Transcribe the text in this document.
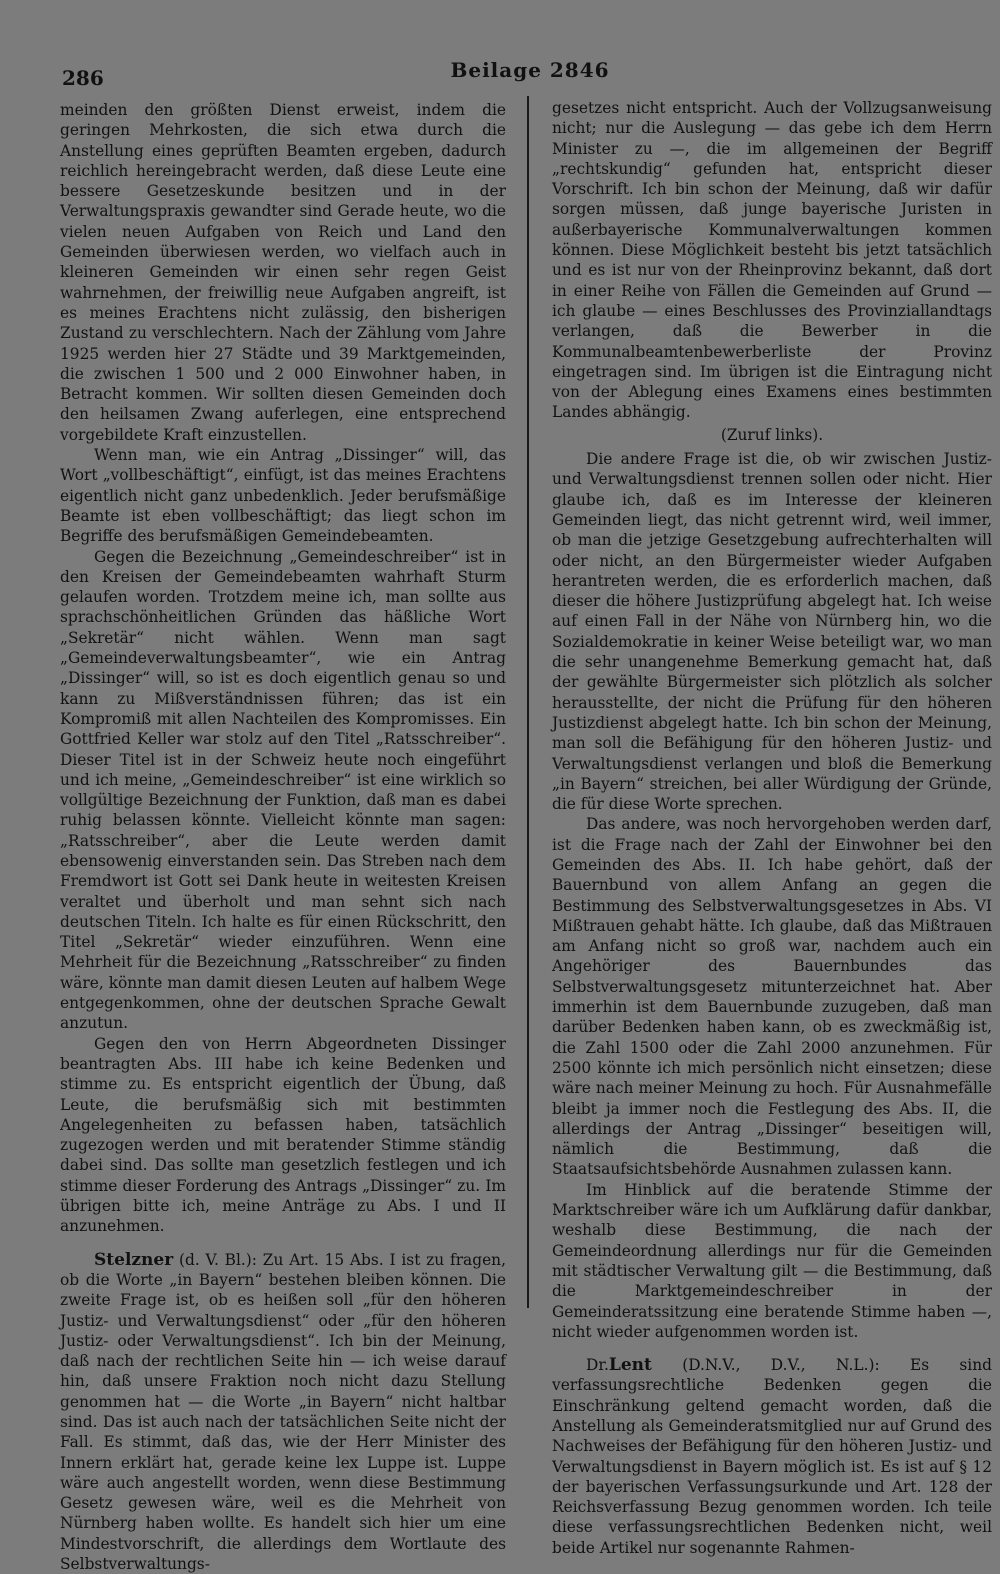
286	Beilage 2846

meinden den größten Dienst erweist, indem die geringen Mehrkosten, die sich etwa durch die Anstellung eines geprüften Beamten ergeben, dadurch reichlich hereingebracht werden, daß diese Leute eine bessere Gesetzeskunde besitzen und in der Verwaltungspraxis gewandter sind Gerade heute, wo die vielen neuen Aufgaben von Reich und Land den Gemeinden überwiesen werden, wo vielfach auch in kleineren Gemeinden wir einen sehr regen Geist wahrnehmen, der freiwillig neue Aufgaben angreift, ist es meines Erachtens nicht zulässig, den bisherigen Zustand zu verschlechtern. Nach der Zählung vom Jahre 1925 werden hier 27 Städte und 39 Marktgemeinden, die zwischen 1 500 und 2 000 Einwohner haben, in Betracht kommen. Wir sollten diesen Gemeinden doch den heilsamen Zwang auferlegen, eine entsprechend vorgebildete Kraft einzustellen.

Wenn man, wie ein Antrag „Dissinger“ will, das Wort „vollbeschäftigt“, einfügt, ist das meines Erachtens eigentlich nicht ganz unbedenklich. Jeder berufsmäßige Beamte ist eben vollbeschäftigt; das liegt schon im Begriffe des berufsmäßigen Gemeindebeamten.

Gegen die Bezeichnung „Gemeindeschreiber“ ist in den Kreisen der Gemeindebeamten wahrhaft Sturm gelaufen worden. Trotzdem meine ich, man sollte aus sprachschönheitlichen Gründen das häßliche Wort „Sekretär“ nicht wählen. Wenn man sagt „Gemeindeverwaltungsbeamter“, wie ein Antrag „Dissinger“ will, so ist es doch eigentlich genau so und kann zu Mißverständnissen führen; das ist ein Kompromiß mit allen Nachteilen des Kompromisses. Ein Gottfried Keller war stolz auf den Titel „Ratsschreiber“. Dieser Titel ist in der Schweiz heute noch eingeführt und ich meine, „Gemeindeschreiber“ ist eine wirklich so vollgültige Bezeichnung der Funktion, daß man es dabei ruhig belassen könnte. Vielleicht könnte man sagen: „Ratsschreiber“, aber die Leute werden damit ebensowenig einverstanden sein. Das Streben nach dem Fremdwort ist Gott sei Dank heute in weitesten Kreisen veraltet und überholt und man sehnt sich nach deutschen Titeln. Ich halte es für einen Rückschritt, den Titel „Sekretär“ wieder einzuführen. Wenn eine Mehrheit für die Bezeichnung „Ratsschreiber“ zu finden wäre, könnte man damit diesen Leuten auf halbem Wege entgegenkommen, ohne der deutschen Sprache Gewalt anzutun.

Gegen den von Herrn Abgeordneten Dissinger beantragten Abs. III habe ich keine Bedenken und stimme zu. Es entspricht eigentlich der Übung, daß Leute, die berufsmäßig sich mit bestimmten Angelegenheiten zu befassen haben, tatsächlich zugezogen werden und mit beratender Stimme ständig dabei sind. Das sollte man gesetzlich festlegen und ich stimme dieser Forderung des Antrags „Dissinger“ zu. Im übrigen bitte ich, meine Anträge zu Abs. I und II anzunehmen.

Stelzner (d. V. Bl.): Zu Art. 15 Abs. I ist zu fragen, ob die Worte „in Bayern“ bestehen bleiben können. Die zweite Frage ist, ob es heißen soll „für den höheren Justiz- und Verwaltungsdienst“ oder „für den höheren Justiz- oder Verwaltungsdienst“. Ich bin der Meinung, daß nach der rechtlichen Seite hin — ich weise darauf hin, daß unsere Fraktion noch nicht dazu Stellung genommen hat — die Worte „in Bayern“ nicht haltbar sind. Das ist auch nach der tatsächlichen Seite nicht der Fall. Es stimmt, daß das, wie der Herr Minister des Innern erklärt hat, gerade keine lex Luppe ist. Luppe wäre auch angestellt worden, wenn diese Bestimmung Gesetz gewesen wäre, weil es die Mehrheit von Nürnberg haben wollte. Es handelt sich hier um eine Mindestvorschrift, die allerdings dem Wortlaute des Selbstverwaltungs-

gesetzes nicht entspricht. Auch der Vollzugsanweisung nicht; nur die Auslegung — das gebe ich dem Herrn Minister zu —, die im allgemeinen der Begriff „rechtskundig“ gefunden hat, entspricht dieser Vorschrift. Ich bin schon der Meinung, daß wir dafür sorgen müssen, daß junge bayerische Juristen in außerbayerische Kommunalverwaltungen kommen können. Diese Möglichkeit besteht bis jetzt tatsächlich und es ist nur von der Rheinprovinz bekannt, daß dort in einer Reihe von Fällen die Gemeinden auf Grund — ich glaube — eines Beschlusses des Provinziallandtags verlangen, daß die Bewerber in die Kommunalbeamtenbewerberliste der Provinz eingetragen sind. Im übrigen ist die Eintragung nicht von der Ablegung eines Examens eines bestimmten Landes abhängig.

(Zuruf links).

Die andere Frage ist die, ob wir zwischen Justiz- und Verwaltungsdienst trennen sollen oder nicht. Hier glaube ich, daß es im Interesse der kleineren Gemeinden liegt, das nicht getrennt wird, weil immer, ob man die jetzige Gesetzgebung aufrechterhalten will oder nicht, an den Bürgermeister wieder Aufgaben herantreten werden, die es erforderlich machen, daß dieser die höhere Justizprüfung abgelegt hat. Ich weise auf einen Fall in der Nähe von Nürnberg hin, wo die Sozialdemokratie in keiner Weise beteiligt war, wo man die sehr unangenehme Bemerkung gemacht hat, daß der gewählte Bürgermeister sich plötzlich als solcher herausstellte, der nicht die Prüfung für den höheren Justizdienst abgelegt hatte. Ich bin schon der Meinung, man soll die Befähigung für den höheren Justiz- und Verwaltungsdienst verlangen und bloß die Bemerkung „in Bayern“ streichen, bei aller Würdigung der Gründe, die für diese Worte sprechen.

Das andere, was noch hervorgehoben werden darf, ist die Frage nach der Zahl der Einwohner bei den Gemeinden des Abs. II. Ich habe gehört, daß der Bauernbund von allem Anfang an gegen die Bestimmung des Selbstverwaltungsgesetzes in Abs. VI Mißtrauen gehabt hätte. Ich glaube, daß das Mißtrauen am Anfang nicht so groß war, nachdem auch ein Angehöriger des Bauernbundes das Selbstverwaltungsgesetz mitunterzeichnet hat. Aber immerhin ist dem Bauernbunde zuzugeben, daß man darüber Bedenken haben kann, ob es zweckmäßig ist, die Zahl 1500 oder die Zahl 2000 anzunehmen. Für 2500 könnte ich mich persönlich nicht einsetzen; diese wäre nach meiner Meinung zu hoch. Für Ausnahmefälle bleibt ja immer noch die Festlegung des Abs. II, die allerdings der Antrag „Dissinger“ beseitigen will, nämlich die Bestimmung, daß die Staatsaufsichtsbehörde Ausnahmen zulassen kann.

Im Hinblick auf die beratende Stimme der Marktschreiber wäre ich um Aufklärung dafür dankbar, weshalb diese Bestimmung, die nach der Gemeindeordnung allerdings nur für die Gemeinden mit städtischer Verwaltung gilt — die Bestimmung, daß die Marktgemeindeschreiber in der Gemeinderatssitzung eine beratende Stimme haben —, nicht wieder aufgenommen worden ist.

Dr.Lent (D.N.V., D.V., N.L.): Es sind verfassungsrechtliche Bedenken gegen die Einschränkung geltend gemacht worden, daß die Anstellung als Gemeinderatsmitglied nur auf Grund des Nachweises der Befähigung für den höheren Justiz- und Verwaltungsdienst in Bayern möglich ist. Es ist auf § 12 der bayerischen Verfassungsurkunde und Art. 128 der Reichsverfassung Bezug genommen worden. Ich teile diese verfassungsrechtlichen Bedenken nicht, weil beide Artikel nur sogenannte Rahmen-
